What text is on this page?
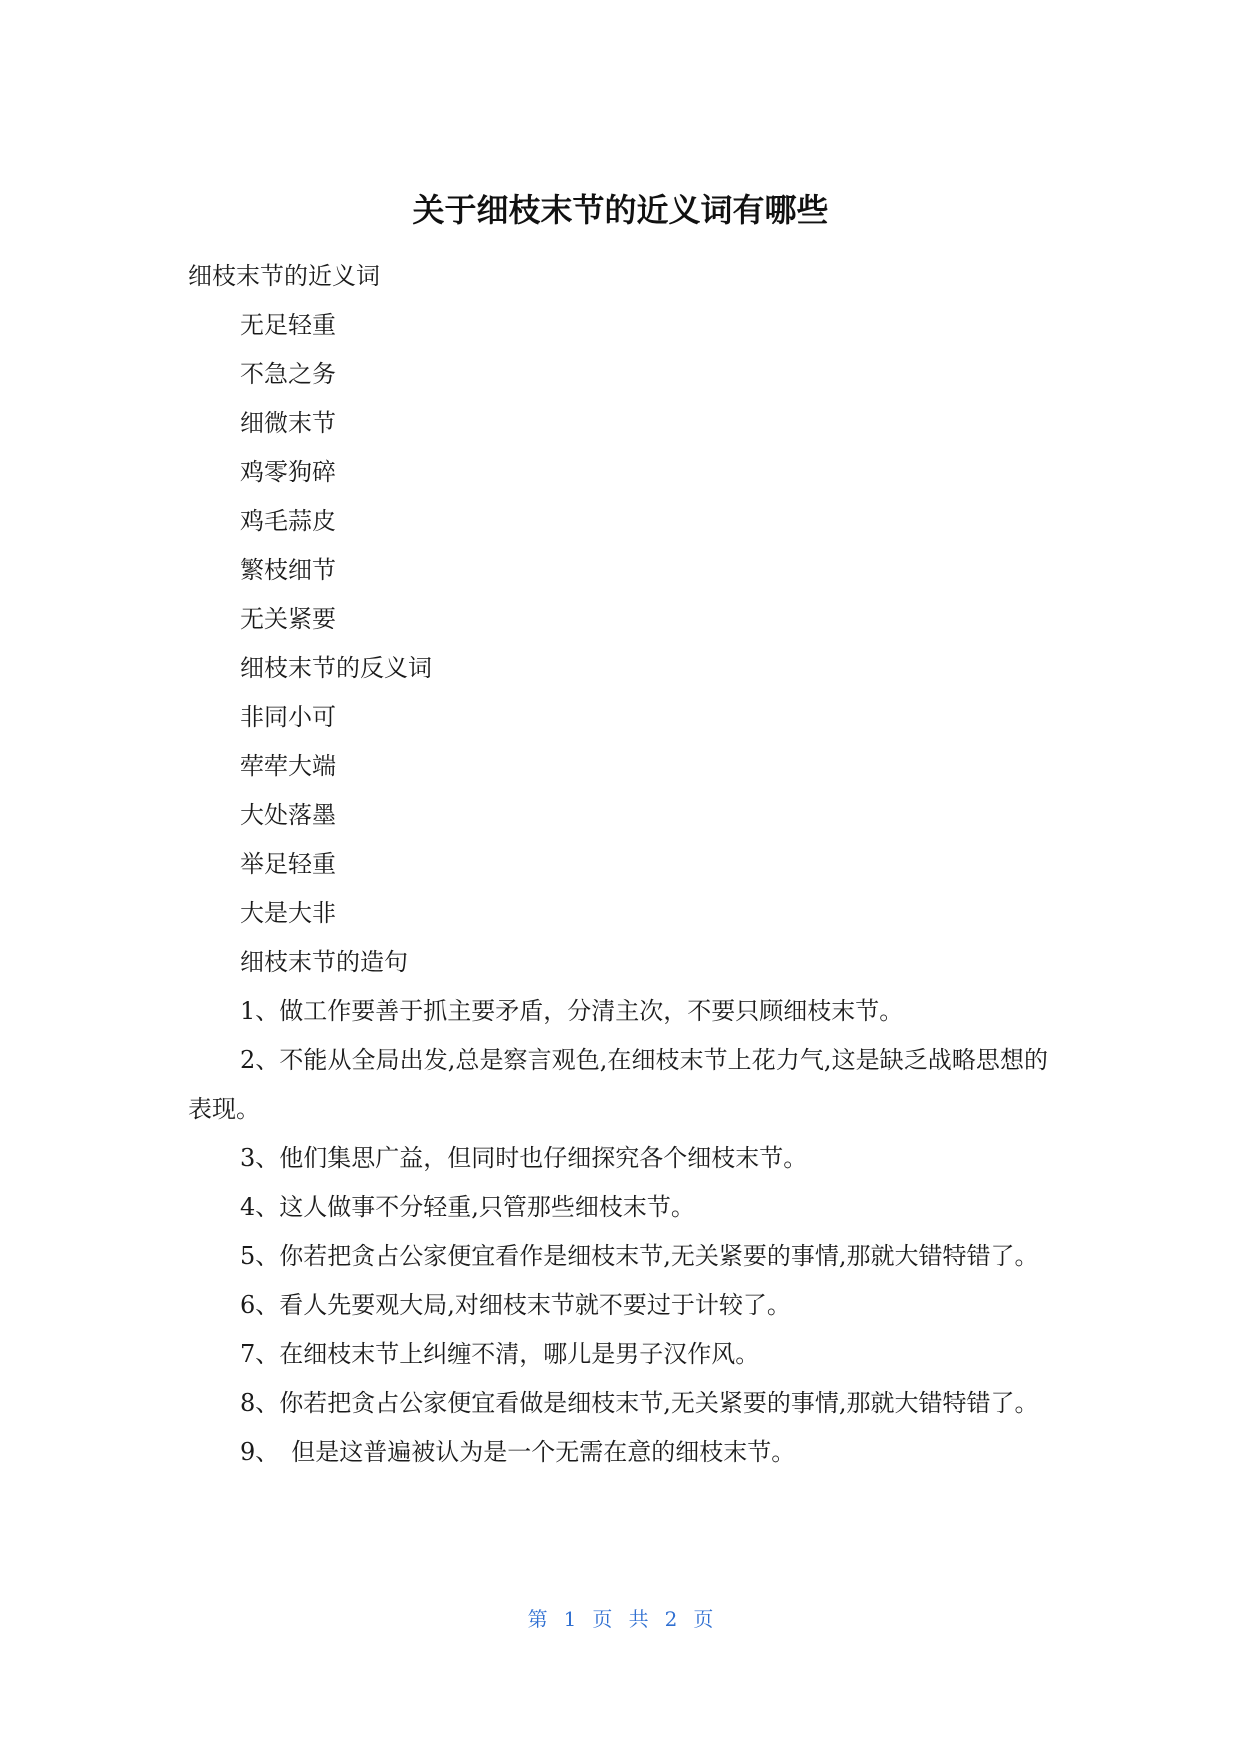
关于细枝末节的近义词有哪些
细枝末节的近义词
无足轻重
不急之务
细微末节
鸡零狗碎
鸡毛蒜皮
繁枝细节
无关紧要
细枝末节的反义词
非同小可
荦荦大端
大处落墨
举足轻重
大是大非
细枝末节的造句
1、做工作要善于抓主要矛盾，分清主次，不要只顾细枝末节。
2、不能从全局出发,总是察言观色,在细枝末节上花力气,这是缺乏战略思想的表现。
3、他们集思广益，但同时也仔细探究各个细枝末节。
4、这人做事不分轻重,只管那些细枝末节。
5、你若把贪占公家便宜看作是细枝末节,无关紧要的事情,那就大错特错了。
6、看人先要观大局,对细枝末节就不要过于计较了。
7、在细枝末节上纠缠不清，哪儿是男子汉作风。
8、你若把贪占公家便宜看做是细枝末节,无关紧要的事情,那就大错特错了。
9、　但是这普遍被认为是一个无需在意的细枝末节。
第 1 页 共 2 页
